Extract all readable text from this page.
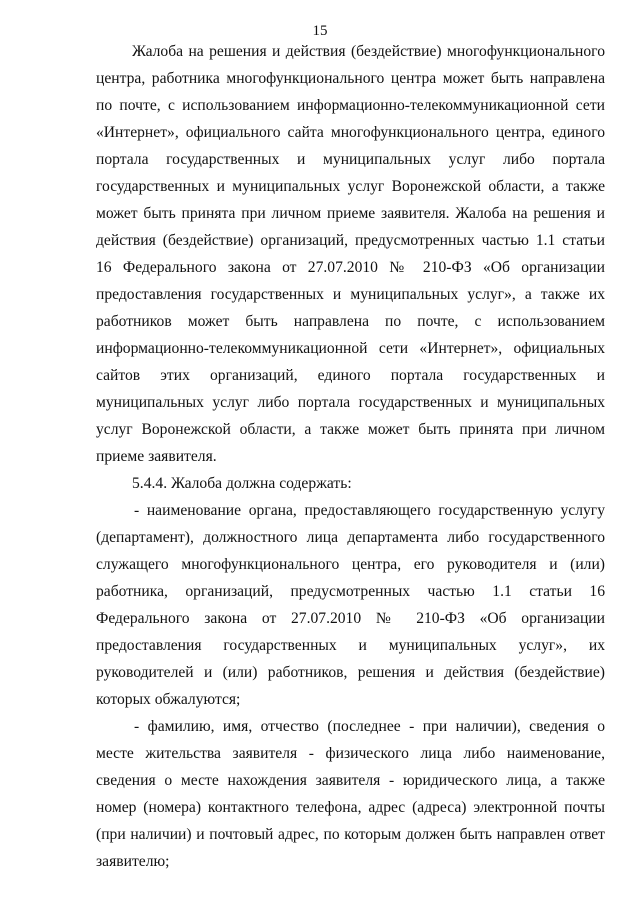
15

Жалоба на решения и действия (бездействие) многофункционального центра, работника многофункционального центра может быть направлена по почте, с использованием информационно-телекоммуникационной сети «Интернет», официального сайта многофункционального центра, единого портала государственных и муниципальных услуг либо портала государственных и муниципальных услуг Воронежской области, а также может быть принята при личном приеме заявителя. Жалоба на решения и действия (бездействие) организаций, предусмотренных частью 1.1 статьи 16 Федерального закона от 27.07.2010 № 210-ФЗ «Об организации предоставления государственных и муниципальных услуг», а также их работников может быть направлена по почте, с использованием информационно-телекоммуникационной сети «Интернет», официальных сайтов этих организаций, единого портала государственных и муниципальных услуг либо портала государственных и муниципальных услуг Воронежской области, а также может быть принята при личном приеме заявителя.

5.4.4. Жалоба должна содержать:

- наименование органа, предоставляющего государственную услугу (департамент), должностного лица департамента либо государственного служащего многофункционального центра, его руководителя и (или) работника, организаций, предусмотренных частью 1.1 статьи 16 Федерального закона от 27.07.2010 № 210-ФЗ «Об организации предоставления государственных и муниципальных услуг», их руководителей и (или) работников, решения и действия (бездействие) которых обжалуются;

- фамилию, имя, отчество (последнее - при наличии), сведения о месте жительства заявителя - физического лица либо наименование, сведения о месте нахождения заявителя - юридического лица, а также номер (номера) контактного телефона, адрес (адреса) электронной почты (при наличии) и почтовый адрес, по которым должен быть направлен ответ заявителю;
